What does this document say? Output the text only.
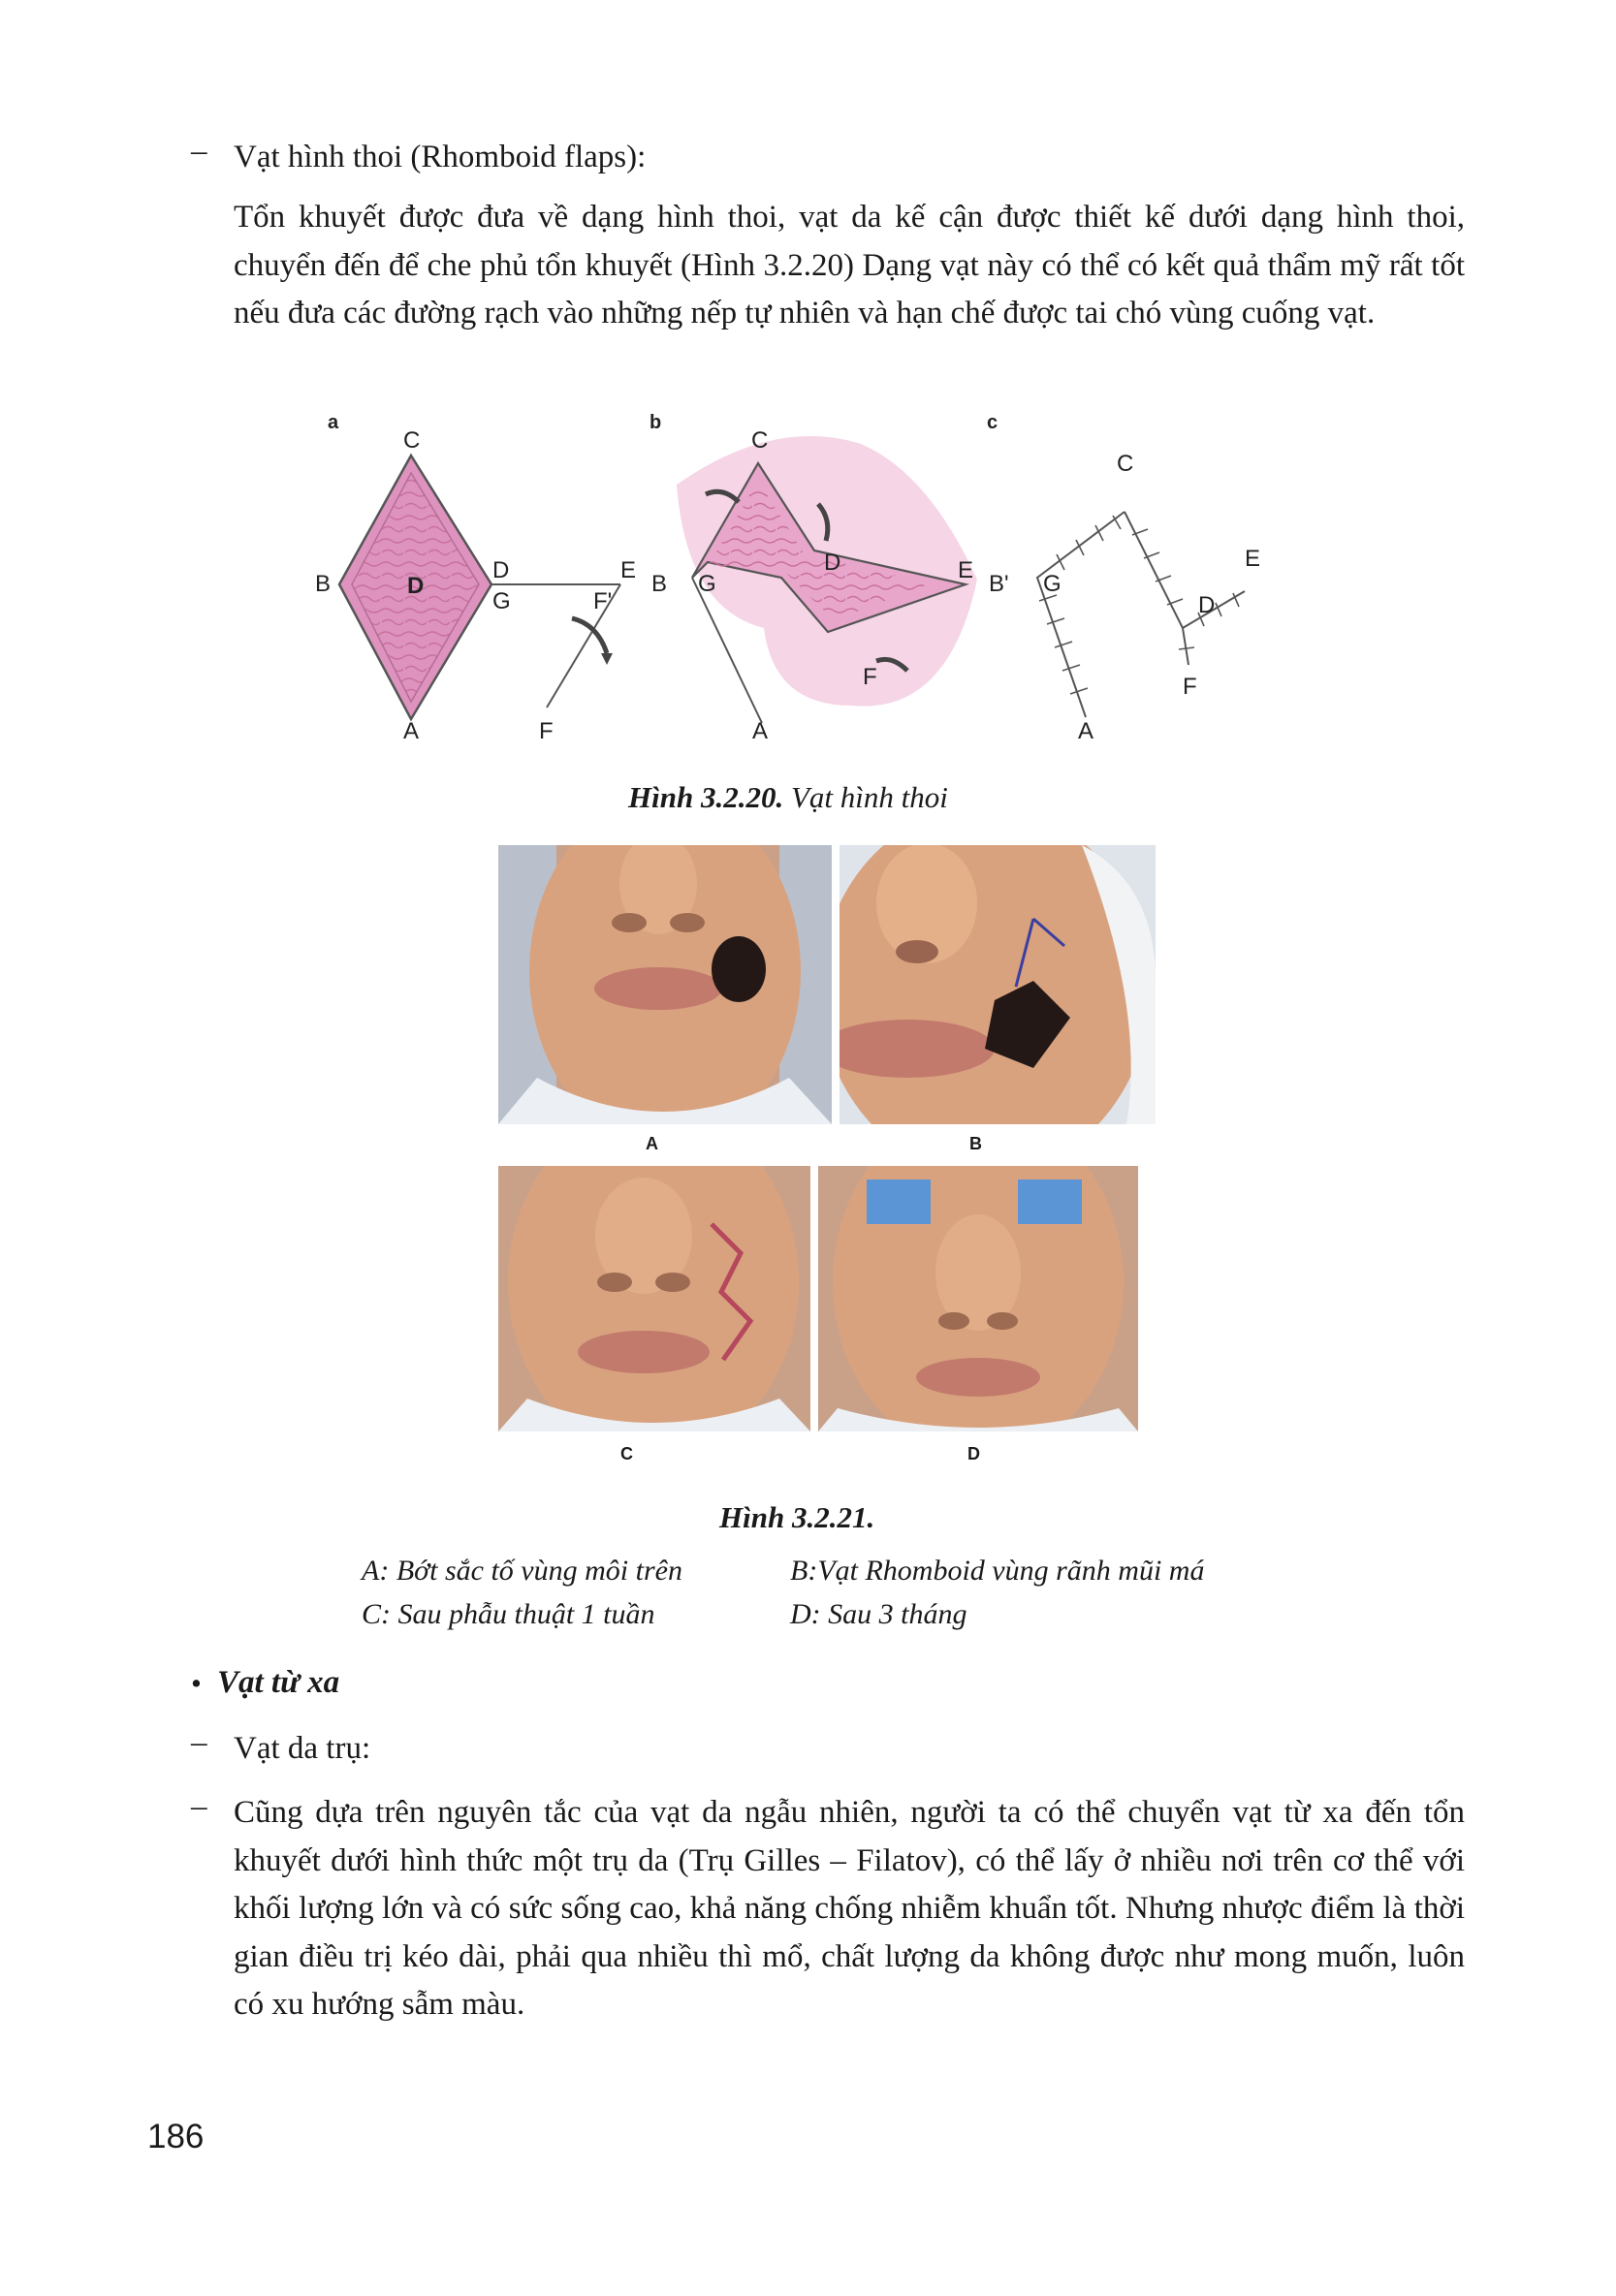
– Vạt hình thoi (Rhomboid flaps):
Tổn khuyết được đưa về dạng hình thoi, vạt da kế cận được thiết kế dưới dạng hình thoi, chuyển đến để che phủ tổn khuyết (Hình 3.2.20) Dạng vạt này có thể có kết quả thẩm mỹ rất tốt nếu đưa các đường rạch vào những nếp tự nhiên và hạn chế được tai chó vùng cuống vạt.
a
C
B	D
D
G
E
F'
A	F
b
C
B G
D	E
F
A
c
C
B' G
D
E
F
A
Hình 3.2.20. Vạt hình thoi
A	B
C	D
Hình 3.2.21.
A: Bớt sắc tố vùng môi trên	B:Vạt Rhomboid vùng rãnh mũi má
C: Sau phẫu thuật 1 tuần	D: Sau 3 tháng
• Vạt từ xa
– Vạt da trụ:
– Cũng dựa trên nguyên tắc của vạt da ngẫu nhiên, người ta có thể chuyển vạt từ xa đến tổn khuyết dưới hình thức một trụ da (Trụ Gilles – Filatov), có thể lấy ở nhiều nơi trên cơ thể với khối lượng lớn và có sức sống cao, khả năng chống nhiễm khuẩn tốt. Nhưng nhược điểm là thời gian điều trị kéo dài, phải qua nhiều thì mổ, chất lượng da không được như mong muốn, luôn có xu hướng sẫm màu.
186
